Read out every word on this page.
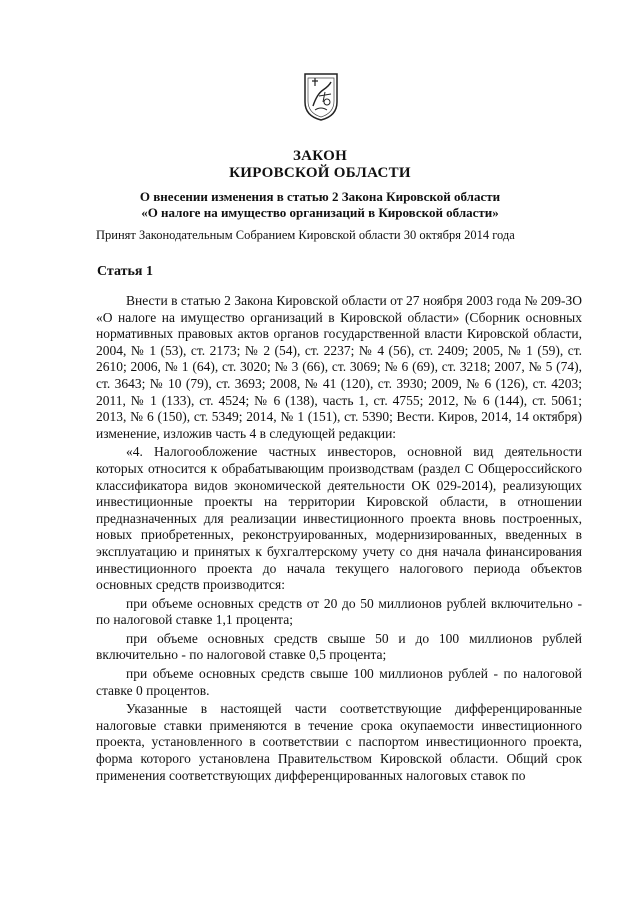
ЗАКОН
КИРОВСКОЙ ОБЛАСТИ
О внесении изменения в статью 2 Закона Кировской области
«О налоге на имущество организаций в Кировской области»
Принят Законодательным Собранием Кировской области 30 октября 2014 года
Статья 1

Внести в статью 2 Закона Кировской области от 27 ноября 2003 года № 209-ЗО «О налоге на имущество организаций в Кировской области» (Сборник основных нормативных правовых актов органов государственной власти Кировской области, 2004, № 1 (53), ст. 2173; № 2 (54), ст. 2237; № 4 (56), ст. 2409; 2005, № 1 (59), ст. 2610; 2006, № 1 (64), ст. 3020; № 3 (66), ст. 3069; № 6 (69), ст. 3218; 2007, № 5 (74), ст. 3643; № 10 (79), ст. 3693; 2008, № 41 (120), ст. 3930; 2009, № 6 (126), ст. 4203; 2011, № 1 (133), ст. 4524; № 6 (138), часть 1, ст. 4755; 2012, № 6 (144), ст. 5061; 2013, № 6 (150), ст. 5349; 2014, № 1 (151), ст. 5390; Вести. Киров, 2014, 14 октября) изменение, изложив часть 4 в следующей редакции:

«4. Налогообложение частных инвесторов, основной вид деятельности которых относится к обрабатывающим производствам (раздел С Общероссийского классификатора видов экономической деятельности ОК 029-2014), реализующих инвестиционные проекты на территории Кировской области, в отношении предназначенных для реализации инвестиционного проекта вновь построенных, новых приобретенных, реконструированных, модернизированных, введенных в эксплуатацию и принятых к бухгалтерскому учету со дня начала финансирования инвестиционного проекта до начала текущего налогового периода объектов основных средств производится:

при объеме основных средств от 20 до 50 миллионов рублей включительно - по налоговой ставке 1,1 процента;

при объеме основных средств свыше 50 и до 100 миллионов рублей включительно - по налоговой ставке 0,5 процента;

при объеме основных средств свыше 100 миллионов рублей - по налоговой ставке 0 процентов.

Указанные в настоящей части соответствующие дифференцированные налоговые ставки применяются в течение срока окупаемости инвестиционного проекта, установленного в соответствии с паспортом инвестиционного проекта, форма которого установлена Правительством Кировской области. Общий срок применения соответствующих дифференцированных налоговых ставок по
